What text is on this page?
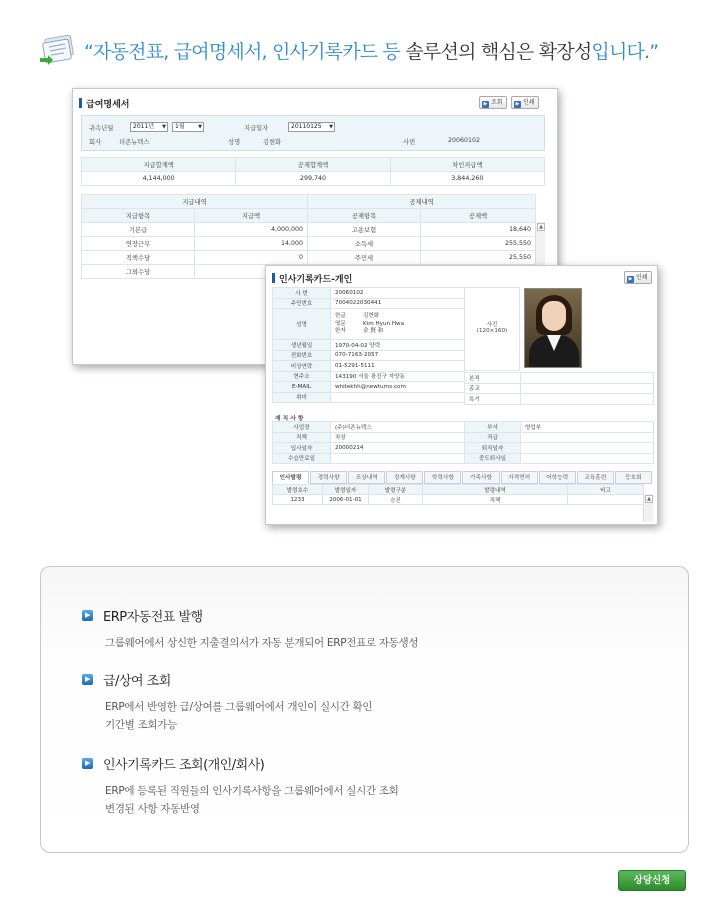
“자동전표, 급여명세서, 인사기록카드 등 솔루션의 핵심은 확장성입니다.”
급여명세서	▶ 조회	▶ 인쇄
귀속년월	2011년 ▼	1월 ▼	지급일자	20110125 ▼
회사	더존뉴텍스	성명	김현화	사번	20060102
지급합계액	공제합계액	차인지급액
4,144,000	299,740	3,844,260
지급내역		공제내역	
지급항목	지급액	공제항목	공제액
기본급	4,000,000	고용보험	18,640
연장근무	14,000	소득세	255,550
직책수당	0	주민세	25,550
그외수당			
▲
인사기록카드-개인	▶ 인쇄
사 번	20060102
주민번호	7004022030441
성명	한글 김현화
영문 Kim Hyun Hwa
한자 金 賢 和

생년월일	1970-04-02 양력
전화번호	070-7163-2057
비상연락	01-5291-5111
현주소	143190 서울 광진구 자양동
E-MAIL	whitekhh@newturns.com
취미	
사진
(120×160)
본적	
종교	
특기	
재 직 사 항
사업장	(주)더존뉴텍스	부서	영업부
직책	차장	직급	
입사일자	20000214	퇴직일자	
수습만료일		중도퇴사일	
인사발령	경력사항	포상내역	징계사항	학력사항	가족사항	자격면허	어학능력	교육훈련	등호회
발령호수	발령일자	발령구분	발령내역	비고
1233	2006-01-01	승진	직책		▲
▶ ERP자동전표 발행
그룹웨어에서 상신한 지출결의서가 자동 분개되어 ERP전표로 자동생성
▶ 급/상여 조회
ERP에서 반영한 급/상여를 그룹웨어에서 개인이 실시간 확인
기간별 조회가능
▶ 인사기록카드 조회(개인/회사)
ERP에 등록된 직원들의 인사기록사항을 그룹웨어에서 실시간 조회
변경된 사항 자동반영
상담신청
